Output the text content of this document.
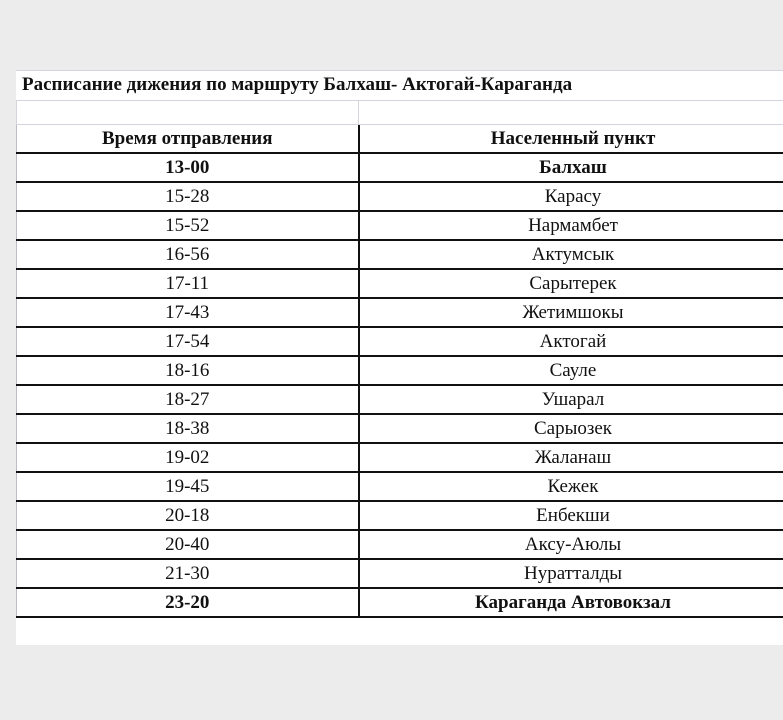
Расписание дижения по маршруту Балхаш- Актогай-Караганда
Время отправления	Населенный пункт
13-00	Балхаш
15-28	Карасу
15-52	Нармамбет
16-56	Актумсык
17-11	Сарытерек
17-43	Жетимшокы
17-54	Актогай
18-16	Сауле
18-27	Ушарал
18-38	Сарыозек
19-02	Жаланаш
19-45	Кежек
20-18	Енбекши
20-40	Аксу-Аюлы
21-30	Нуратталды
23-20	Караганда Автовокзал
